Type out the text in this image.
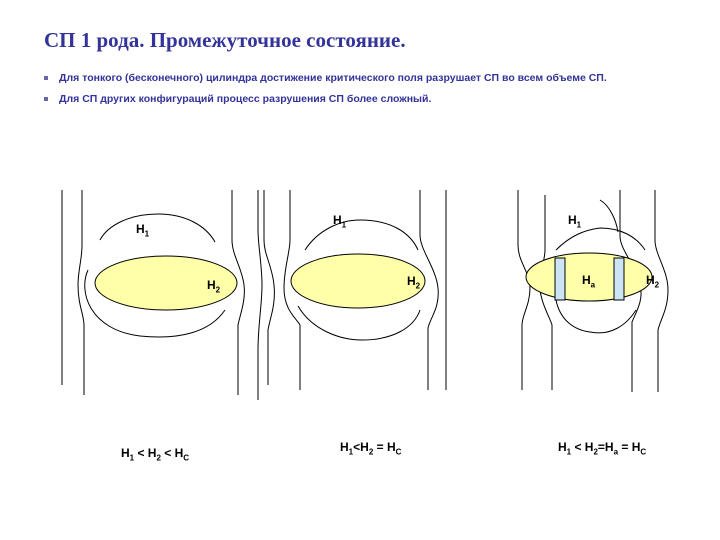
СП 1 рода. Промежуточное состояние.
Для тонкого (бесконечного) цилиндра достижение критического поля разрушает СП во всем объеме СП.
Для СП других конфигураций процесс разрушения СП более сложный.
$H_1$
$H_2$
$H_1$
$H_2$
$H_1$
$H_a$	$H_2$
$H_1 < H_2 < H_C$
$H_1<H_2 = H_C$	$H_1 < H_2=H_a = H_C$
